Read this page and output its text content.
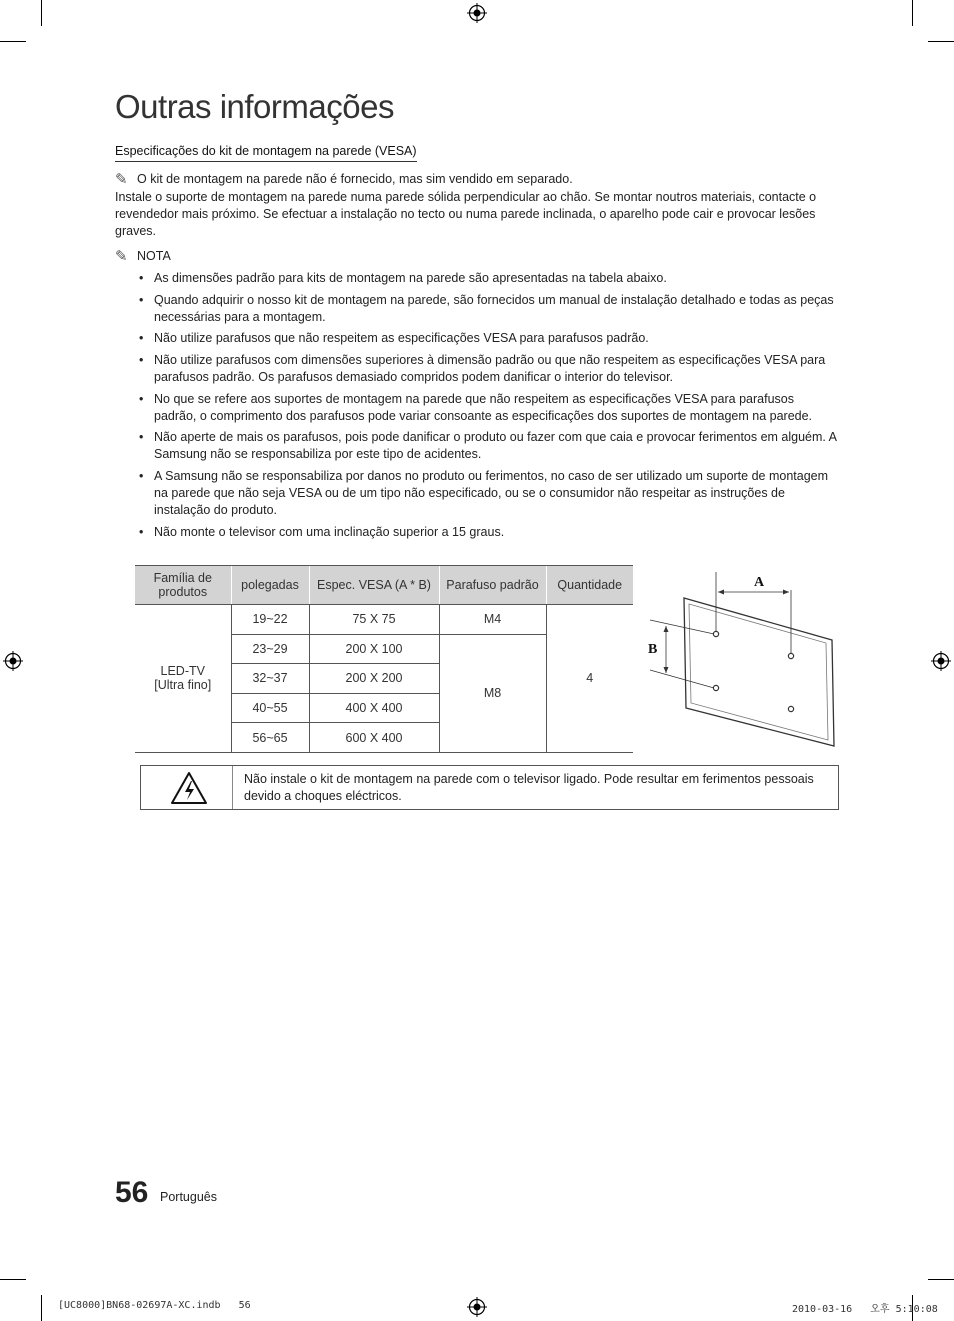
Outras informações
Especificações do kit de montagem na parede (VESA)
✎ O kit de montagem na parede não é fornecido, mas sim vendido em separado.
Instale o suporte de montagem na parede numa parede sólida perpendicular ao chão. Se montar noutros materiais, contacte o revendedor mais próximo. Se efectuar a instalação no tecto ou numa parede inclinada, o aparelho pode cair e provocar lesões graves.
✎ NOTA
• As dimensões padrão para kits de montagem na parede são apresentadas na tabela abaixo.
• Quando adquirir o nosso kit de montagem na parede, são fornecidos um manual de instalação detalhado e todas as peças necessárias para a montagem.
• Não utilize parafusos que não respeitem as especificações VESA para parafusos padrão.
• Não utilize parafusos com dimensões superiores à dimensão padrão ou que não respeitem as especificações VESA para parafusos padrão. Os parafusos demasiado compridos podem danificar o interior do televisor.
• No que se refere aos suportes de montagem na parede que não respeitem as especificações VESA para parafusos padrão, o comprimento dos parafusos pode variar consoante as especificações dos suportes de montagem na parede.
• Não aperte de mais os parafusos, pois pode danificar o produto ou fazer com que caia e provocar ferimentos em alguém. A Samsung não se responsabiliza por este tipo de acidentes.
• A Samsung não se responsabiliza por danos no produto ou ferimentos, no caso de ser utilizado um suporte de montagem na parede que não seja VESA ou de um tipo não especificado, ou se o consumidor não respeitar as instruções de instalação do produto.
• Não monte o televisor com uma inclinação superior a 15 graus.
Família de produtos	polegadas	Espec. VESA (A * B)	Parafuso padrão	Quantidade

LED-TV
[Ultra fino]	19~22	75 X 75	M4	4
	23~29	200 X 100	M8	
	32~37	200 X 200		
	40~55	400 X 400		
	56~65	600 X 400		
A
B
Não instale o kit de montagem na parede com o televisor ligado. Pode resultar em ferimentos pessoais devido a choques eléctricos.
56 Português
[UC8000]BN68-02697A-XC.indb   56	2010-03-16   오후 5:10:08
